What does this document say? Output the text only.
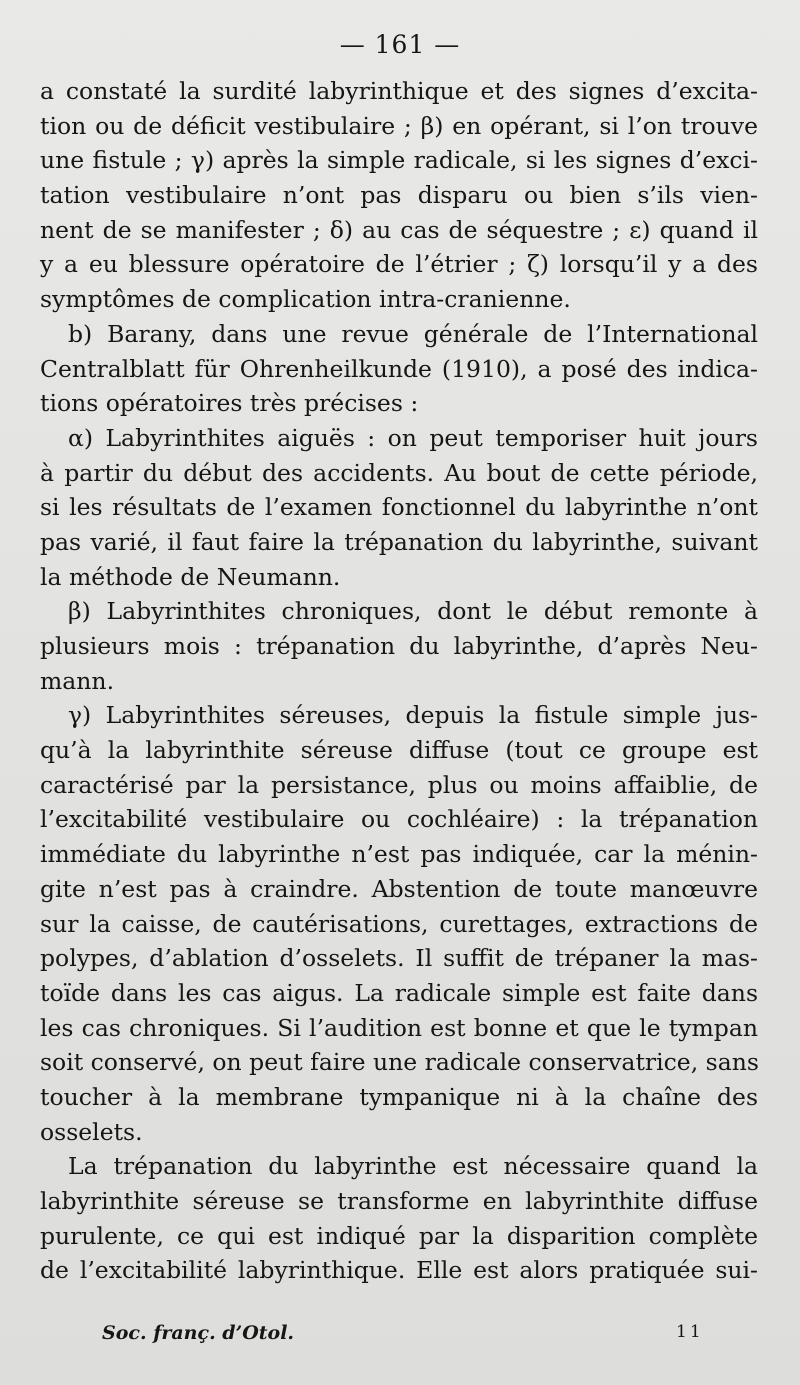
— 161 —
a constaté la surdité labyrinthique et des signes d’excita-
tion ou de déficit vestibulaire ; β) en opérant, si l’on trouve
une fistule ; γ) après la simple radicale, si les signes d’exci-
tation vestibulaire n’ont pas disparu ou bien s’ils vien-
nent de se manifester ; δ) au cas de séquestre ; ε) quand il
y a eu blessure opératoire de l’étrier ; ζ) lorsqu’il y a des
symptômes de complication intra-cranienne.
b) Barany, dans une revue générale de l’International
Centralblatt für Ohrenheilkunde (1910), a posé des indica-
tions opératoires très précises :
α) Labyrinthites aiguës : on peut temporiser huit jours
à partir du début des accidents. Au bout de cette période,
si les résultats de l’examen fonctionnel du labyrinthe n’ont
pas varié, il faut faire la trépanation du labyrinthe, suivant
la méthode de Neumann.
β) Labyrinthites chroniques, dont le début remonte à
plusieurs mois : trépanation du labyrinthe, d’après Neu-
mann.
γ) Labyrinthites séreuses, depuis la fistule simple jus-
qu’à la labyrinthite séreuse diffuse (tout ce groupe est
caractérisé par la persistance, plus ou moins affaiblie, de
l’excitabilité vestibulaire ou cochléaire) : la trépanation
immédiate du labyrinthe n’est pas indiquée, car la ménin-
gite n’est pas à craindre. Abstention de toute manœuvre
sur la caisse, de cautérisations, curettages, extractions de
polypes, d’ablation d’osselets. Il suffit de trépaner la mas-
toïde dans les cas aigus. La radicale simple est faite dans
les cas chroniques. Si l’audition est bonne et que le tympan
soit conservé, on peut faire une radicale conservatrice, sans
toucher à la membrane tympanique ni à la chaîne des
osselets.
La trépanation du labyrinthe est nécessaire quand la
labyrinthite séreuse se transforme en labyrinthite diffuse
purulente, ce qui est indiqué par la disparition complète
de l’excitabilité labyrinthique. Elle est alors pratiquée sui-
Soc. franç. d’Otol.	11
